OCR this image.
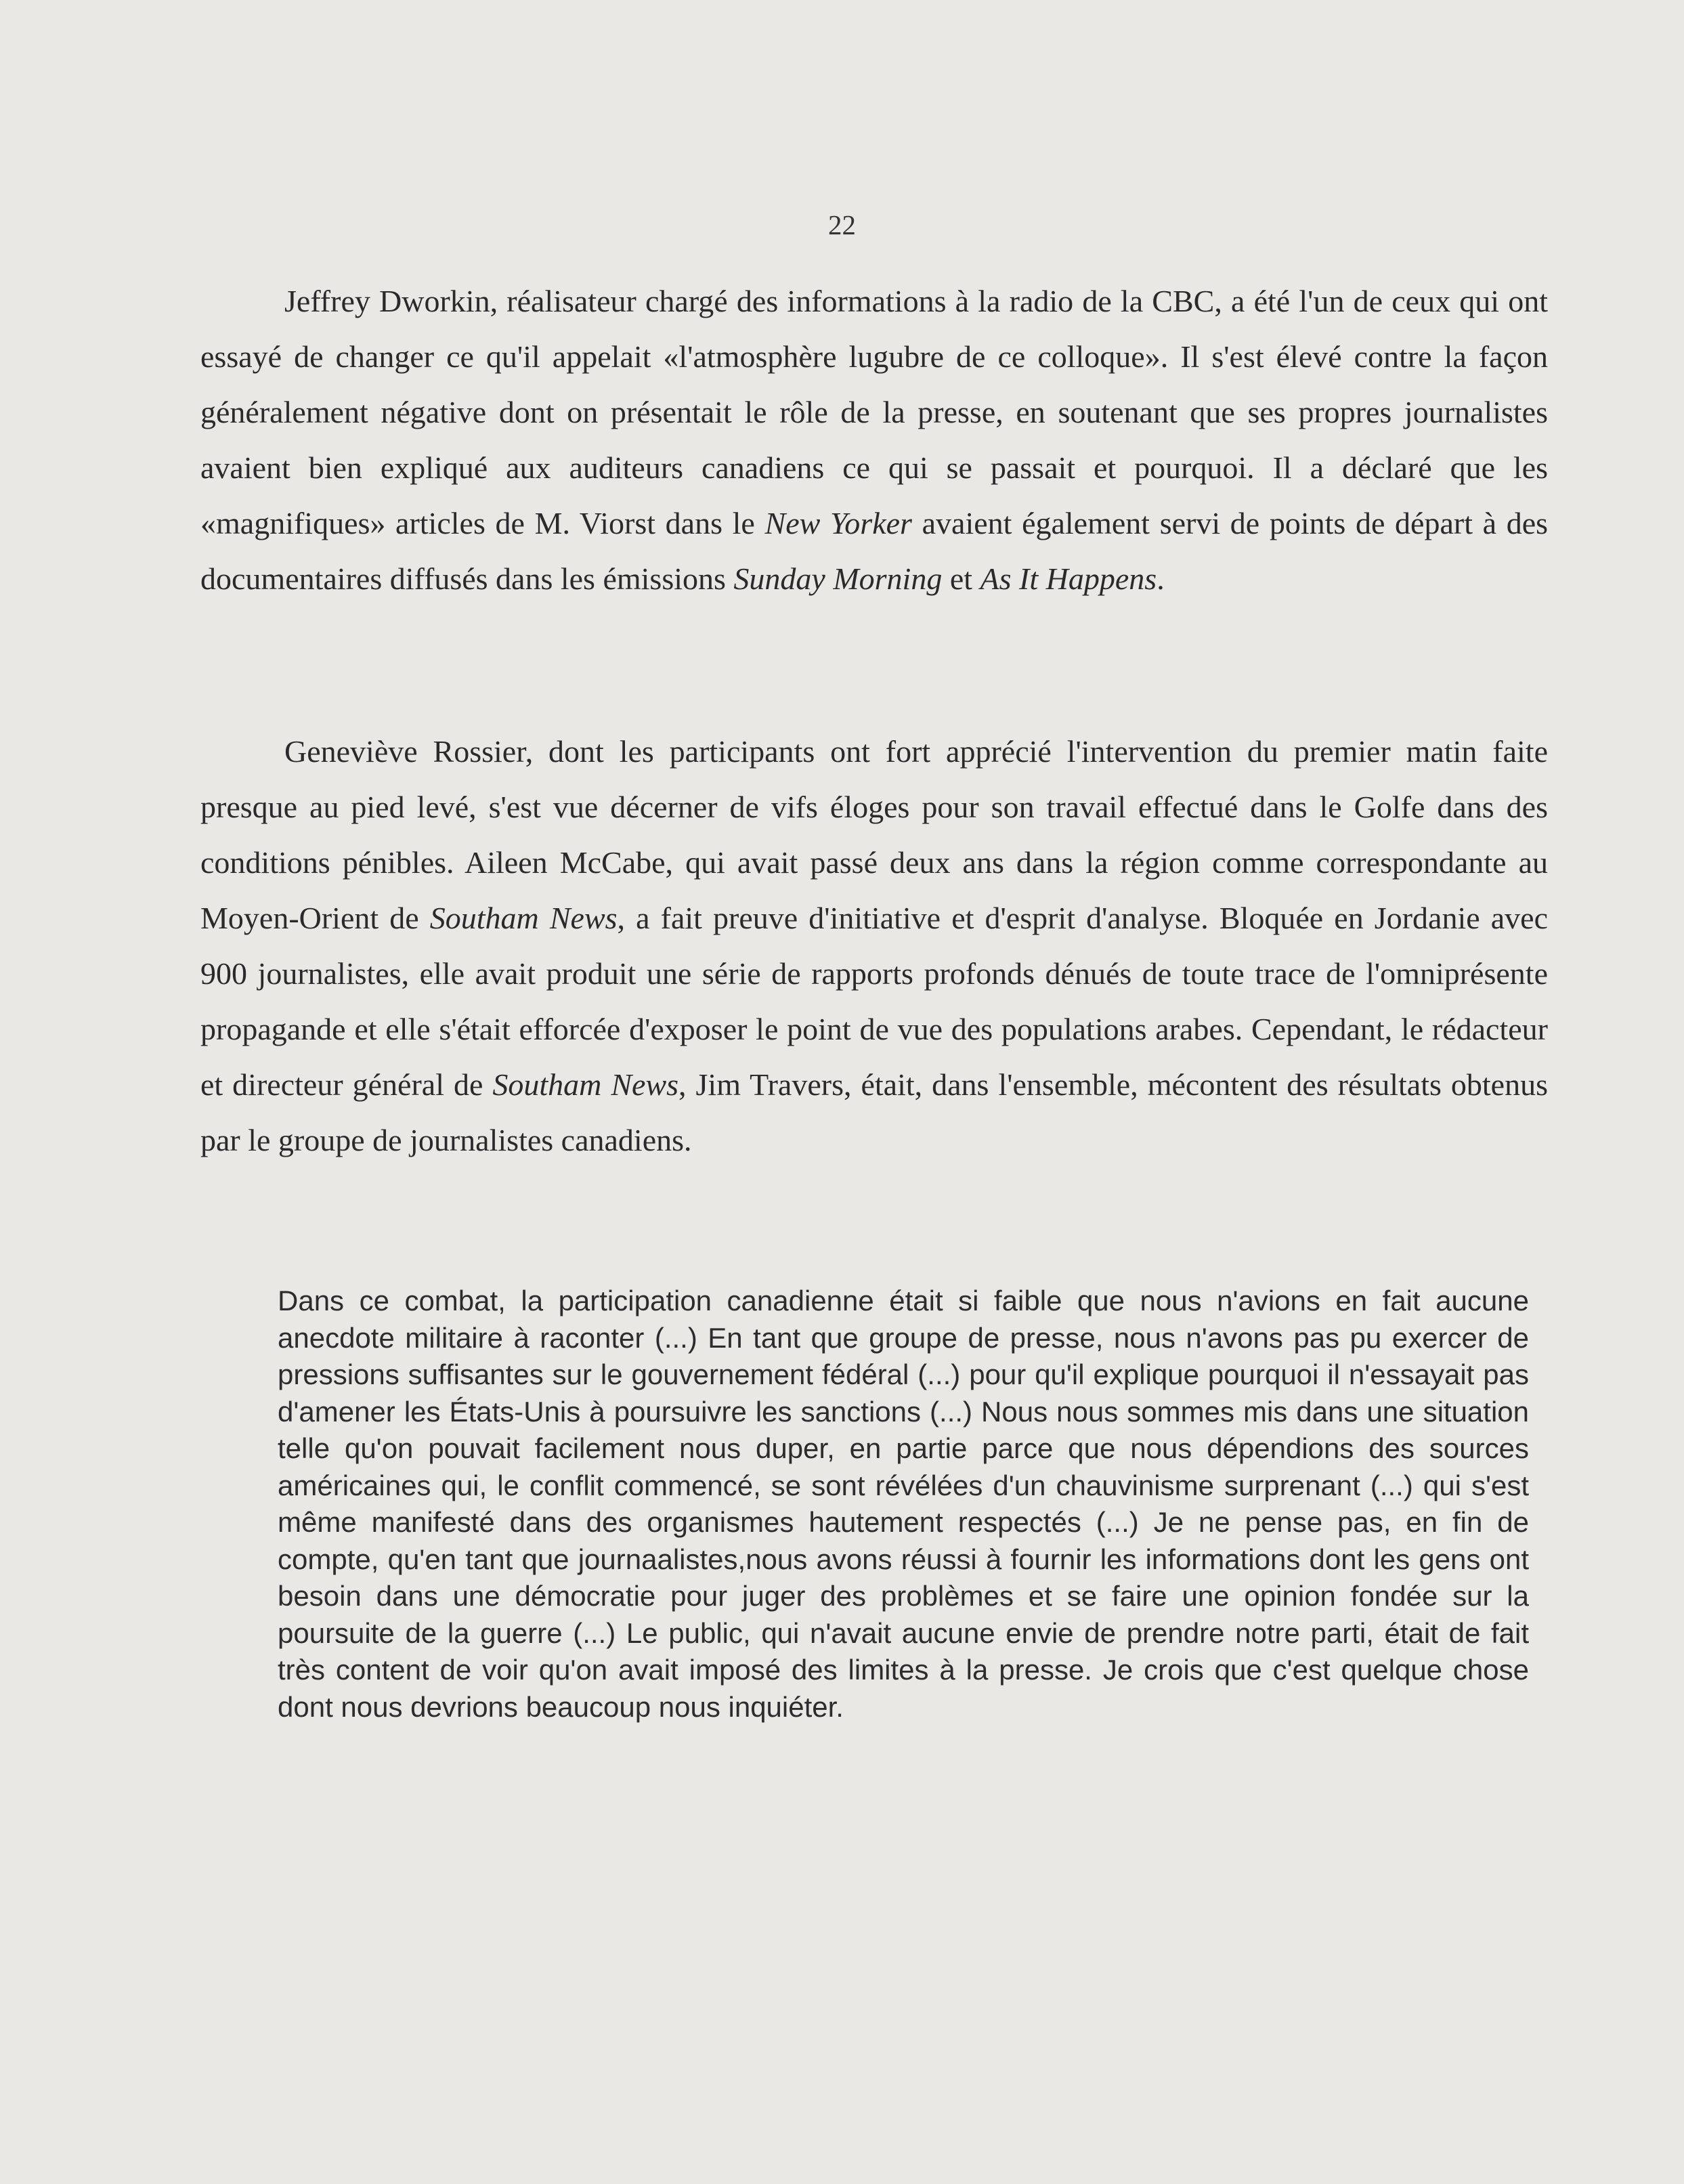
22

Jeffrey Dworkin, réalisateur chargé des informations à la radio de la CBC, a été l'un de ceux qui ont essayé de changer ce qu'il appelait «l'atmosphère lugubre de ce colloque». Il s'est élevé contre la façon généralement négative dont on présentait le rôle de la presse, en soutenant que ses propres journalistes avaient bien expliqué aux auditeurs canadiens ce qui se passait et pourquoi. Il a déclaré que les «magnifiques» articles de M. Viorst dans le New Yorker avaient également servi de points de départ à des documentaires diffusés dans les émissions Sunday Morning et As It Happens.

Geneviève Rossier, dont les participants ont fort apprécié l'intervention du premier matin faite presque au pied levé, s'est vue décerner de vifs éloges pour son travail effectué dans le Golfe dans des conditions pénibles. Aileen McCabe, qui avait passé deux ans dans la région comme correspondante au Moyen-Orient de Southam News, a fait preuve d'initiative et d'esprit d'analyse. Bloquée en Jordanie avec 900 journalistes, elle avait produit une série de rapports profonds dénués de toute trace de l'omniprésente propagande et elle s'était efforcée d'exposer le point de vue des populations arabes. Cependant, le rédacteur et directeur général de Southam News, Jim Travers, était, dans l'ensemble, mécontent des résultats obtenus par le groupe de journalistes canadiens.

Dans ce combat, la participation canadienne était si faible que nous n'avions en fait aucune anecdote militaire à raconter (...) En tant que groupe de presse, nous n'avons pas pu exercer de pressions suffisantes sur le gouvernement fédéral (...) pour qu'il explique pourquoi il n'essayait pas d'amener les États-Unis à poursuivre les sanctions (...) Nous nous sommes mis dans une situation telle qu'on pouvait facilement nous duper, en partie parce que nous dépendions des sources américaines qui, le conflit commencé, se sont révélées d'un chauvinisme surprenant (...) qui s'est même manifesté dans des organismes hautement respectés (...) Je ne pense pas, en fin de compte, qu'en tant que journaalistes,nous avons réussi à fournir les informations dont les gens ont besoin dans une démocratie pour juger des problèmes et se faire une opinion fondée sur la poursuite de la guerre (...) Le public, qui n'avait aucune envie de prendre notre parti, était de fait très content de voir qu'on avait imposé des limites à la presse. Je crois que c'est quelque chose dont nous devrions beaucoup nous inquiéter.
